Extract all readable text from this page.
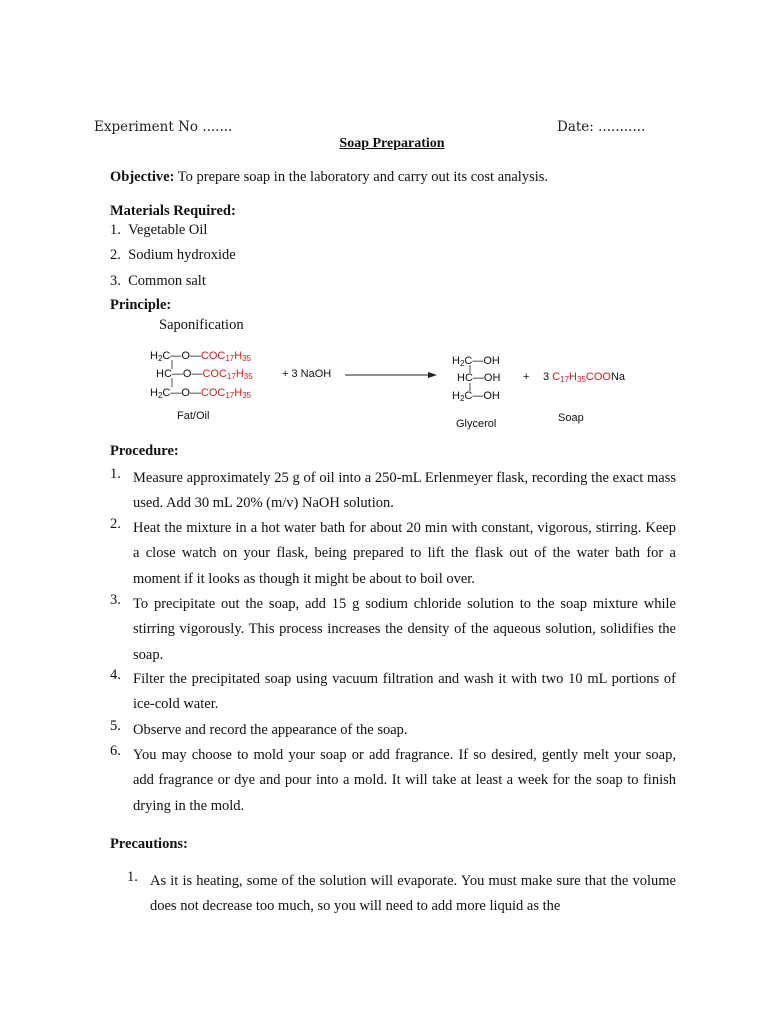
Experiment No .......	Date: ...........
Soap Preparation
Objective: To prepare soap in the laboratory and carry out its cost analysis.
Materials Required:
1. Vegetable Oil
2. Sodium hydroxide
3. Common salt
Principle:
Saponification
$H_2C—O—COC_{17}H_{35}$
$HC—O—COC_{17}H_{35}$
$H_2C—O—COC_{17}H_{35}$
Fat/Oil
+ 3 NaOH
$H_2C—OH$
HC—OH
$H_2C—OH$
Glycerol
+ 3 $C_{17}H_{35}COONa$
Soap
Procedure:
1. Measure approximately 25 g of oil into a 250-mL Erlenmeyer flask, recording the exact mass used. Add 30 mL 20% (m/v) NaOH solution.
2. Heat the mixture in a hot water bath for about 20 min with constant, vigorous, stirring. Keep a close watch on your flask, being prepared to lift the flask out of the water bath for a moment if it looks as though it might be about to boil over.
3. To precipitate out the soap, add 15 g sodium chloride solution to the soap mixture while stirring vigorously. This process increases the density of the aqueous solution, solidifies the soap.
4. Filter the precipitated soap using vacuum filtration and wash it with two 10 mL portions of ice-cold water.
5. Observe and record the appearance of the soap.
6. You may choose to mold your soap or add fragrance. If so desired, gently melt your soap, add fragrance or dye and pour into a mold. It will take at least a week for the soap to finish drying in the mold.
Precautions:
1. As it is heating, some of the solution will evaporate. You must make sure that the volume does not decrease too much, so you will need to add more liquid as the
